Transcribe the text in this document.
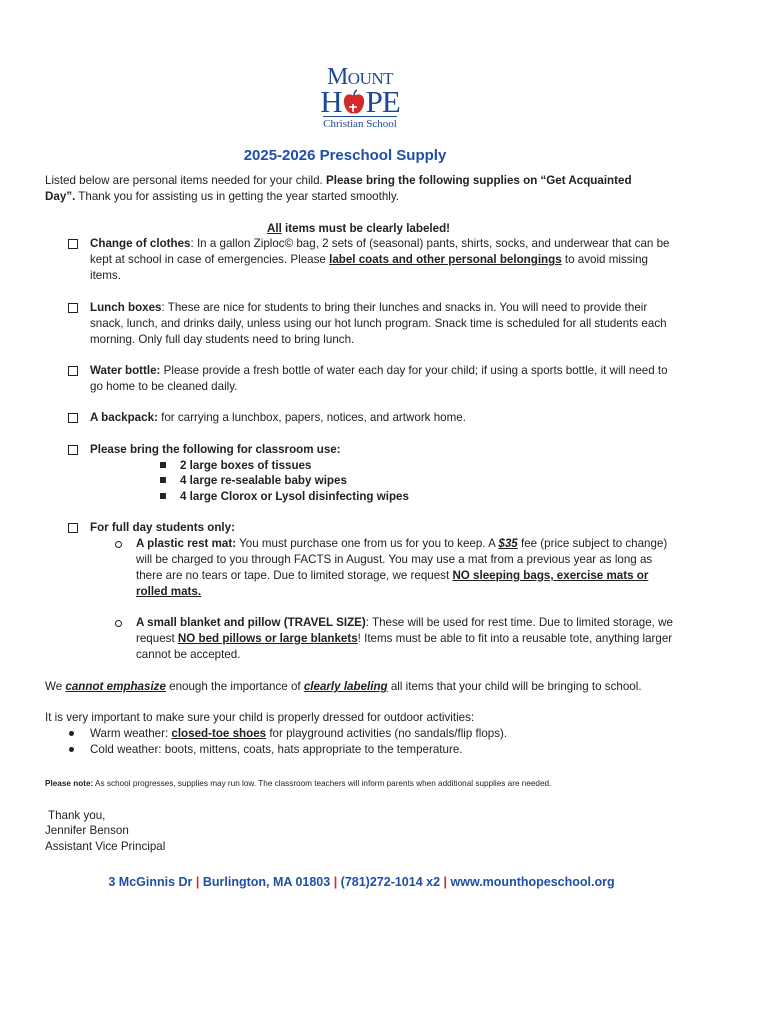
Mount
H PE
Christian School
2025-2026 Preschool Supply
Listed below are personal items needed for your child. Please bring the following supplies on “Get Acquainted Day”. Thank you for assisting us in getting the year started smoothly.
All items must be clearly labeled!
Change of clothes: In a gallon Ziploc© bag, 2 sets of (seasonal) pants, shirts, socks, and underwear that can be kept at school in case of emergencies. Please label coats and other personal belongings to avoid missing items.
Lunch boxes: These are nice for students to bring their lunches and snacks in. You will need to provide their snack, lunch, and drinks daily, unless using our hot lunch program. Snack time is scheduled for all students each morning. Only full day students need to bring lunch.
Water bottle: Please provide a fresh bottle of water each day for your child; if using a sports bottle, it will need to go home to be cleaned daily.
A backpack: for carrying a lunchbox, papers, notices, and artwork home.
Please bring the following for classroom use:
2 large boxes of tissues
4 large re-sealable baby wipes
4 large Clorox or Lysol disinfecting wipes
For full day students only:
A plastic rest mat: You must purchase one from us for you to keep. A $35 fee (price subject to change) will be charged to you through FACTS in August. You may use a mat from a previous year as long as there are no tears or tape. Due to limited storage, we request NO sleeping bags, exercise mats or rolled mats.
A small blanket and pillow (TRAVEL SIZE): These will be used for rest time. Due to limited storage, we request NO bed pillows or large blankets! Items must be able to fit into a reusable tote, anything larger cannot be accepted.
We cannot emphasize enough the importance of clearly labeling all items that your child will be bringing to school.
It is very important to make sure your child is properly dressed for outdoor activities:
Warm weather: closed-toe shoes for playground activities (no sandals/flip flops).
Cold weather: boots, mittens, coats, hats appropriate to the temperature.
Please note: As school progresses, supplies may run low. The classroom teachers will inform parents when additional supplies are needed.
Thank you,
Jennifer Benson
Assistant Vice Principal
3 McGinnis Dr | Burlington, MA 01803 | (781)272-1014 x2 | www.mounthopeschool.org
